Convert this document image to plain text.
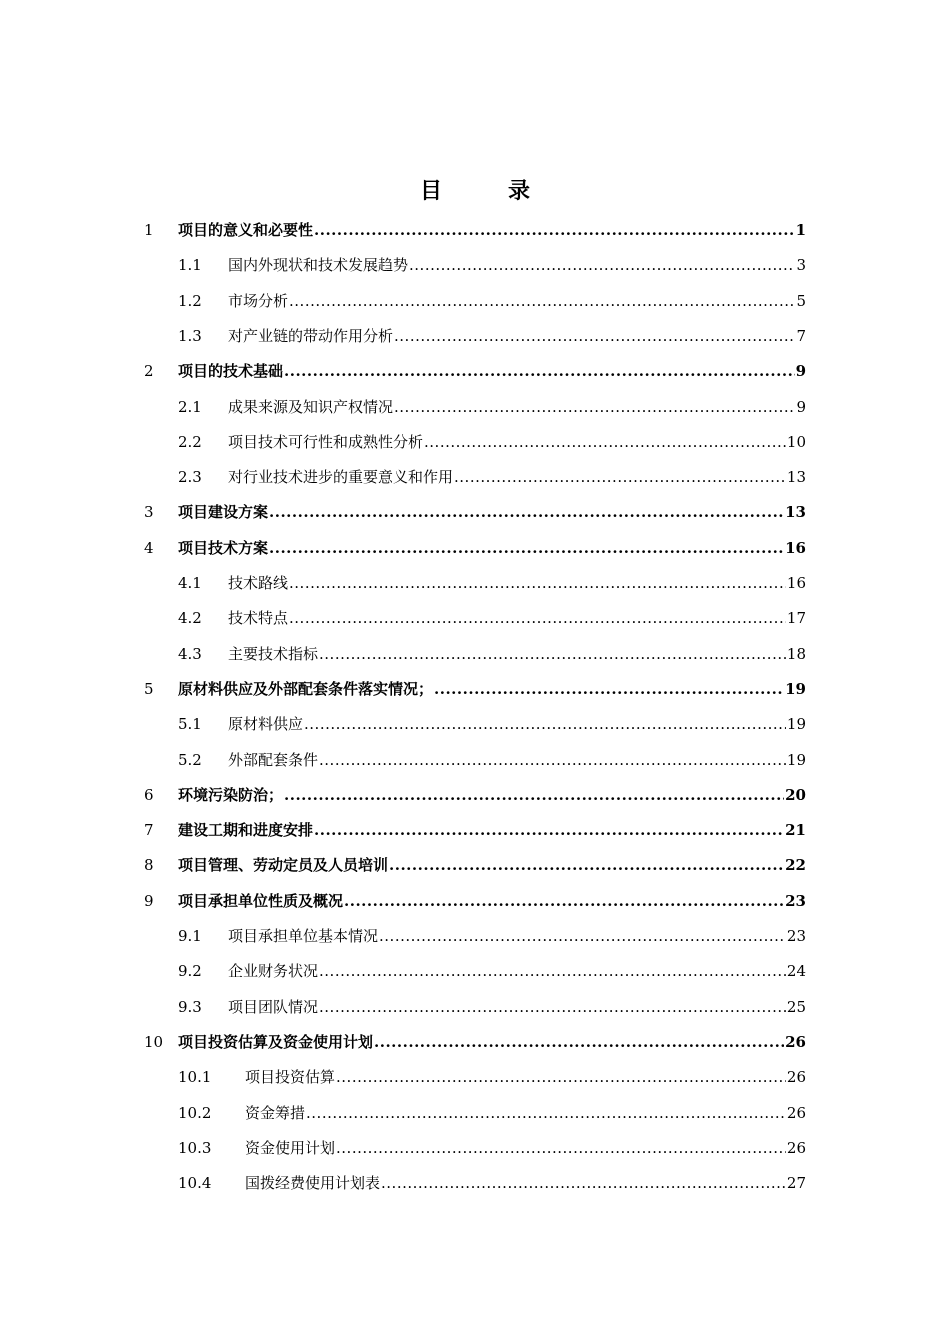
目　录
1 项目的意义和必要性 .....	1
1.1 国内外现状和技术发展趋势 .....	3
1.2 市场分析 .....	5
1.3 对产业链的带动作用分析 .....	7
2 项目的技术基础 .....	9
2.1 成果来源及知识产权情况 .....	9
2.2 项目技术可行性和成熟性分析 .....	10
2.3 对行业技术进步的重要意义和作用 .....	13
3 项目建设方案 .....	13
4 项目技术方案 .....	16
4.1 技术路线 .....	16
4.2 技术特点 .....	17
4.3 主要技术指标 .....	18
5 原材料供应及外部配套条件落实情况； .....	19
5.1 原材料供应 .....	19
5.2 外部配套条件 .....	19
6 环境污染防治； .....	20
7 建设工期和进度安排 .....	21
8 项目管理、劳动定员及人员培训 .....	22
9 项目承担单位性质及概况 .....	23
9.1 项目承担单位基本情况 .....	23
9.2 企业财务状况 .....	24
9.3 项目团队情况 .....	25
10 项目投资估算及资金使用计划 .....	26
10.1 项目投资估算 .....	26
10.2 资金筹措 .....	26
10.3 资金使用计划 .....	26
10.4 国拨经费使用计划表 .....	27
